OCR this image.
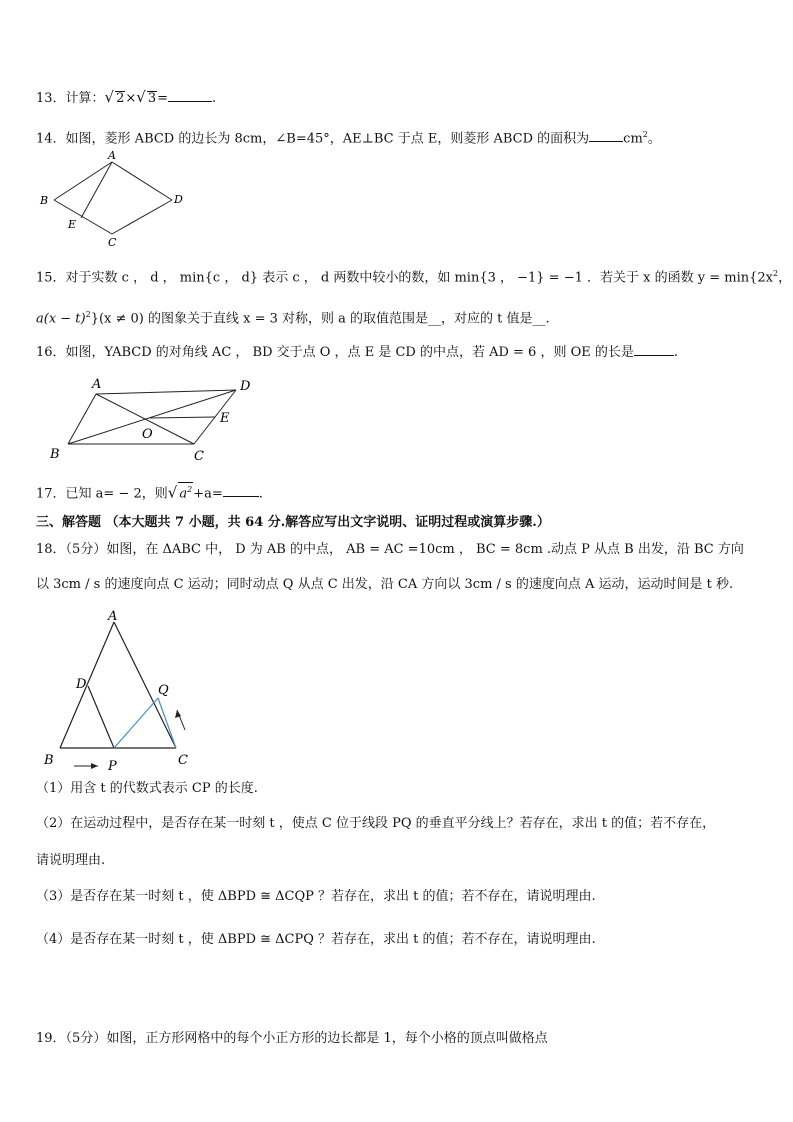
13．计算：√ 2×√ 3=	.
14．如图，菱形 ABCD 的边长为 8cm，∠B=45°，AE⊥BC 于点 E，则菱形 ABCD 的面积为	$cm^2$。
A
B
C
D
E
15．对于实数 c ， d ， min{c ， d} 表示 c ， d 两数中较小的数，如 min{3 ， −1} = −1 ．若关于 x 的函数 $y = \min\{2x^2$，
$a(x - t)^2\}(x \ne 0)$ 的图象关于直线 x = 3 对称，则 a 的取值范围是__，对应的 t 值是__.
16．如图，YABCD 的对角线 AC ， BD 交于点 O ，点 E 是 CD 的中点，若 AD = 6 ，则 OE 的长是	.
A	D
E
O
B	C
17．已知 a= − 2，则√ $a^2+a=$	.
三、解答题 （本大题共 7 小题，共 64 分.解答应写出文字说明、证明过程或演算步骤.）
18．（5分）如图，在 ΔABC 中， D 为 AB 的中点， AB = AC =10cm ， BC = 8cm .动点 P 从点 B 出发，沿 BC 方向
以 3cm / s 的速度向点 C 运动；同时动点 Q 从点 C 出发，沿 CA 方向以 3cm / s 的速度向点 A 运动，运动时间是 t 秒.
A
D	Q
B	P	C
（1）用含 t 的代数式表示 CP 的长度.
（2）在运动过程中，是否存在某一时刻 t ，使点 C 位于线段 PQ 的垂直平分线上？若存在，求出 t 的值；若不存在，
请说明理由.
（3）是否存在某一时刻 t ，使 ΔBPD ≅ ΔCQP ？若存在，求出 t 的值；若不存在，请说明理由.
（4）是否存在某一时刻 t ，使 ΔBPD ≅ ΔCPQ ？若存在，求出 t 的值；若不存在，请说明理由.
19．（5分）如图，正方形网格中的每个小正方形的边长都是 1，每个小格的顶点叫做格点
